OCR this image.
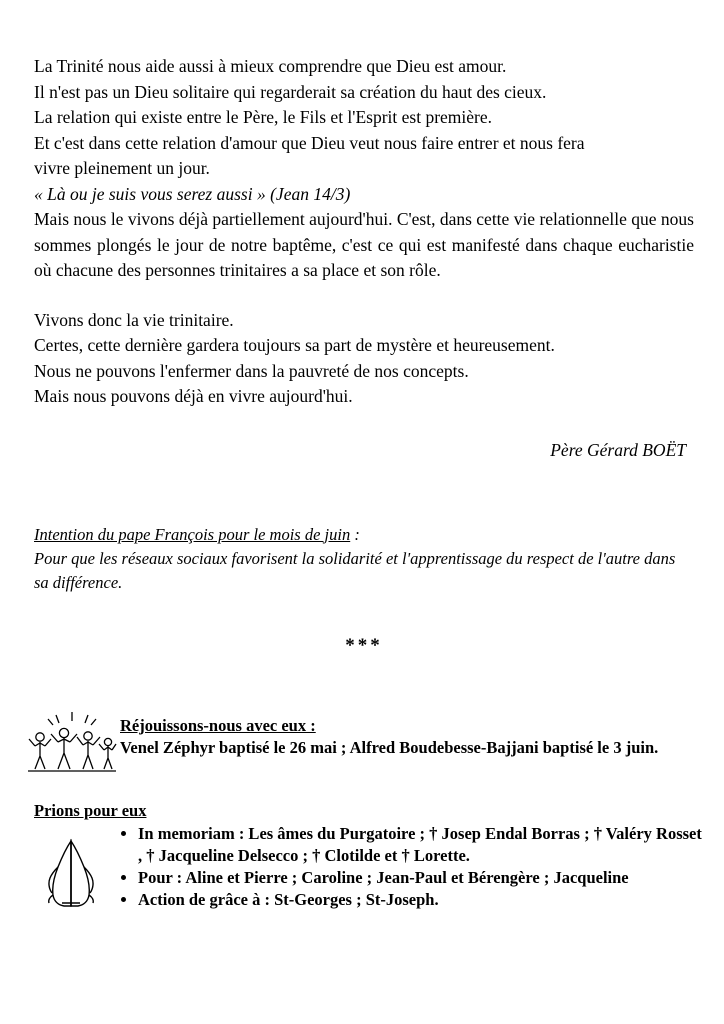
La Trinité nous aide aussi à mieux comprendre que Dieu est amour.

Il n'est pas un Dieu solitaire qui regarderait sa création du haut des cieux.

La relation qui existe entre le Père, le Fils et l'Esprit est première.

Et c'est dans cette relation d'amour que Dieu veut nous faire entrer et nous fera

vivre pleinement un jour.

« Là ou je suis vous serez aussi » (Jean 14/3)

Mais nous le vivons déjà partiellement aujourd'hui. C'est, dans cette vie relationnelle que nous sommes plongés le jour de notre baptême, c'est ce qui est manifesté dans chaque eucharistie où chacune des personnes trinitaires a sa place et son rôle.

Vivons donc la vie trinitaire.

Certes, cette dernière gardera toujours sa part de mystère et heureusement.

Nous ne pouvons l'enfermer dans la pauvreté de nos concepts.

Mais nous pouvons déjà en vivre aujourd'hui.

Père Gérard BOËT

Intention du pape François pour le mois de juin :

Pour que les réseaux sociaux favorisent la solidarité et l'apprentissage du respect de l'autre dans sa différence.

***

Réjouissons-nous avec eux :
Venel Zéphyr baptisé le 26 mai ; Alfred Boudebesse-Bajjani baptisé le 3 juin.

Prions pour eux

• In memoriam : Les âmes du Purgatoire ; † Josep Endal Borras ; † Valéry Rosset , † Jacqueline Delsecco ; † Clotilde et † Lorette.
• Pour : Aline et Pierre ; Caroline ; Jean-Paul et Bérengère ; Jacqueline
• Action de grâce à : St-Georges ; St-Joseph.
